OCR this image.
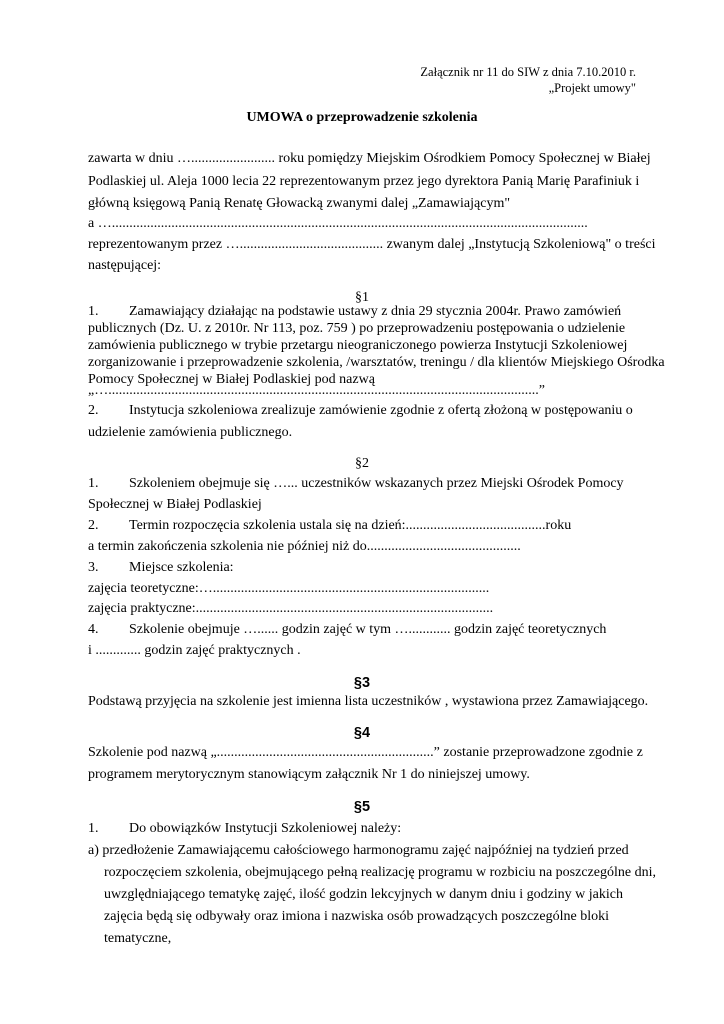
Załącznik nr 11 do SIW z dnia 7.10.2010 r.
„Projekt umowy"
UMOWA o przeprowadzenie szkolenia
zawarta w dniu …........................ roku pomiędzy Miejskim Ośrodkiem Pomocy Społecznej w Białej
Podlaskiej ul. Aleja 1000 lecia 22 reprezentowanym przez jego dyrektora Panią Marię Parafiniuk i
główną księgową Panią Renatę Głowacką zwanymi dalej „Zamawiającym"
a …........................................................................................................................................
reprezentowanym przez …......................................... zwanym dalej „Instytucją Szkoleniową" o treści
następującej:
§1
1. Zamawiający działając na podstawie ustawy z dnia 29 stycznia 2004r. Prawo zamówień
publicznych (Dz. U. z 2010r. Nr 113, poz. 759 ) po przeprowadzeniu postępowania o udzielenie
zamówienia publicznego w trybie przetargu nieograniczonego powierza Instytucji Szkoleniowej
zorganizowanie i przeprowadzenie szkolenia, /warsztatów, treningu / dla klientów Miejskiego Ośrodka
Pomocy Społecznej w Białej Podlaskiej pod nazwą
„…...........................................................................................................................”
2. Instytucja szkoleniowa zrealizuje zamówienie zgodnie z ofertą złożoną w postępowaniu o
udzielenie zamówienia publicznego.
§2
1. Szkoleniem obejmuje się …... uczestników wskazanych przez Miejski Ośrodek Pomocy
Społecznej w Białej Podlaskiej
2. Termin rozpoczęcia szkolenia ustala się na dzień:........................................roku
a termin zakończenia szkolenia nie później niż do............................................
3. Miejsce szkolenia:
zajęcia teoretyczne:…...............................................................................
zajęcia praktyczne:.....................................................................................
4. Szkolenie obejmuje …...... godzin zajęć w tym …............ godzin zajęć teoretycznych
i ............. godzin zajęć praktycznych .
§3
Podstawą przyjęcia na szkolenie jest imienna lista uczestników , wystawiona przez Zamawiającego.
§4
Szkolenie pod nazwą „..............................................................” zostanie przeprowadzone zgodnie z
programem merytorycznym stanowiącym załącznik Nr 1 do niniejszej umowy.
§5
1. Do obowiązków Instytucji Szkoleniowej należy:
a) przedłożenie Zamawiającemu całościowego harmonogramu zajęć najpóźniej na tydzień przed
rozpoczęciem szkolenia, obejmującego pełną realizację programu w rozbiciu na poszczególne dni,
uwzględniającego tematykę zajęć, ilość godzin lekcyjnych w danym dniu i godziny w jakich
zajęcia będą się odbywały oraz imiona i nazwiska osób prowadzących poszczególne bloki
tematyczne,
